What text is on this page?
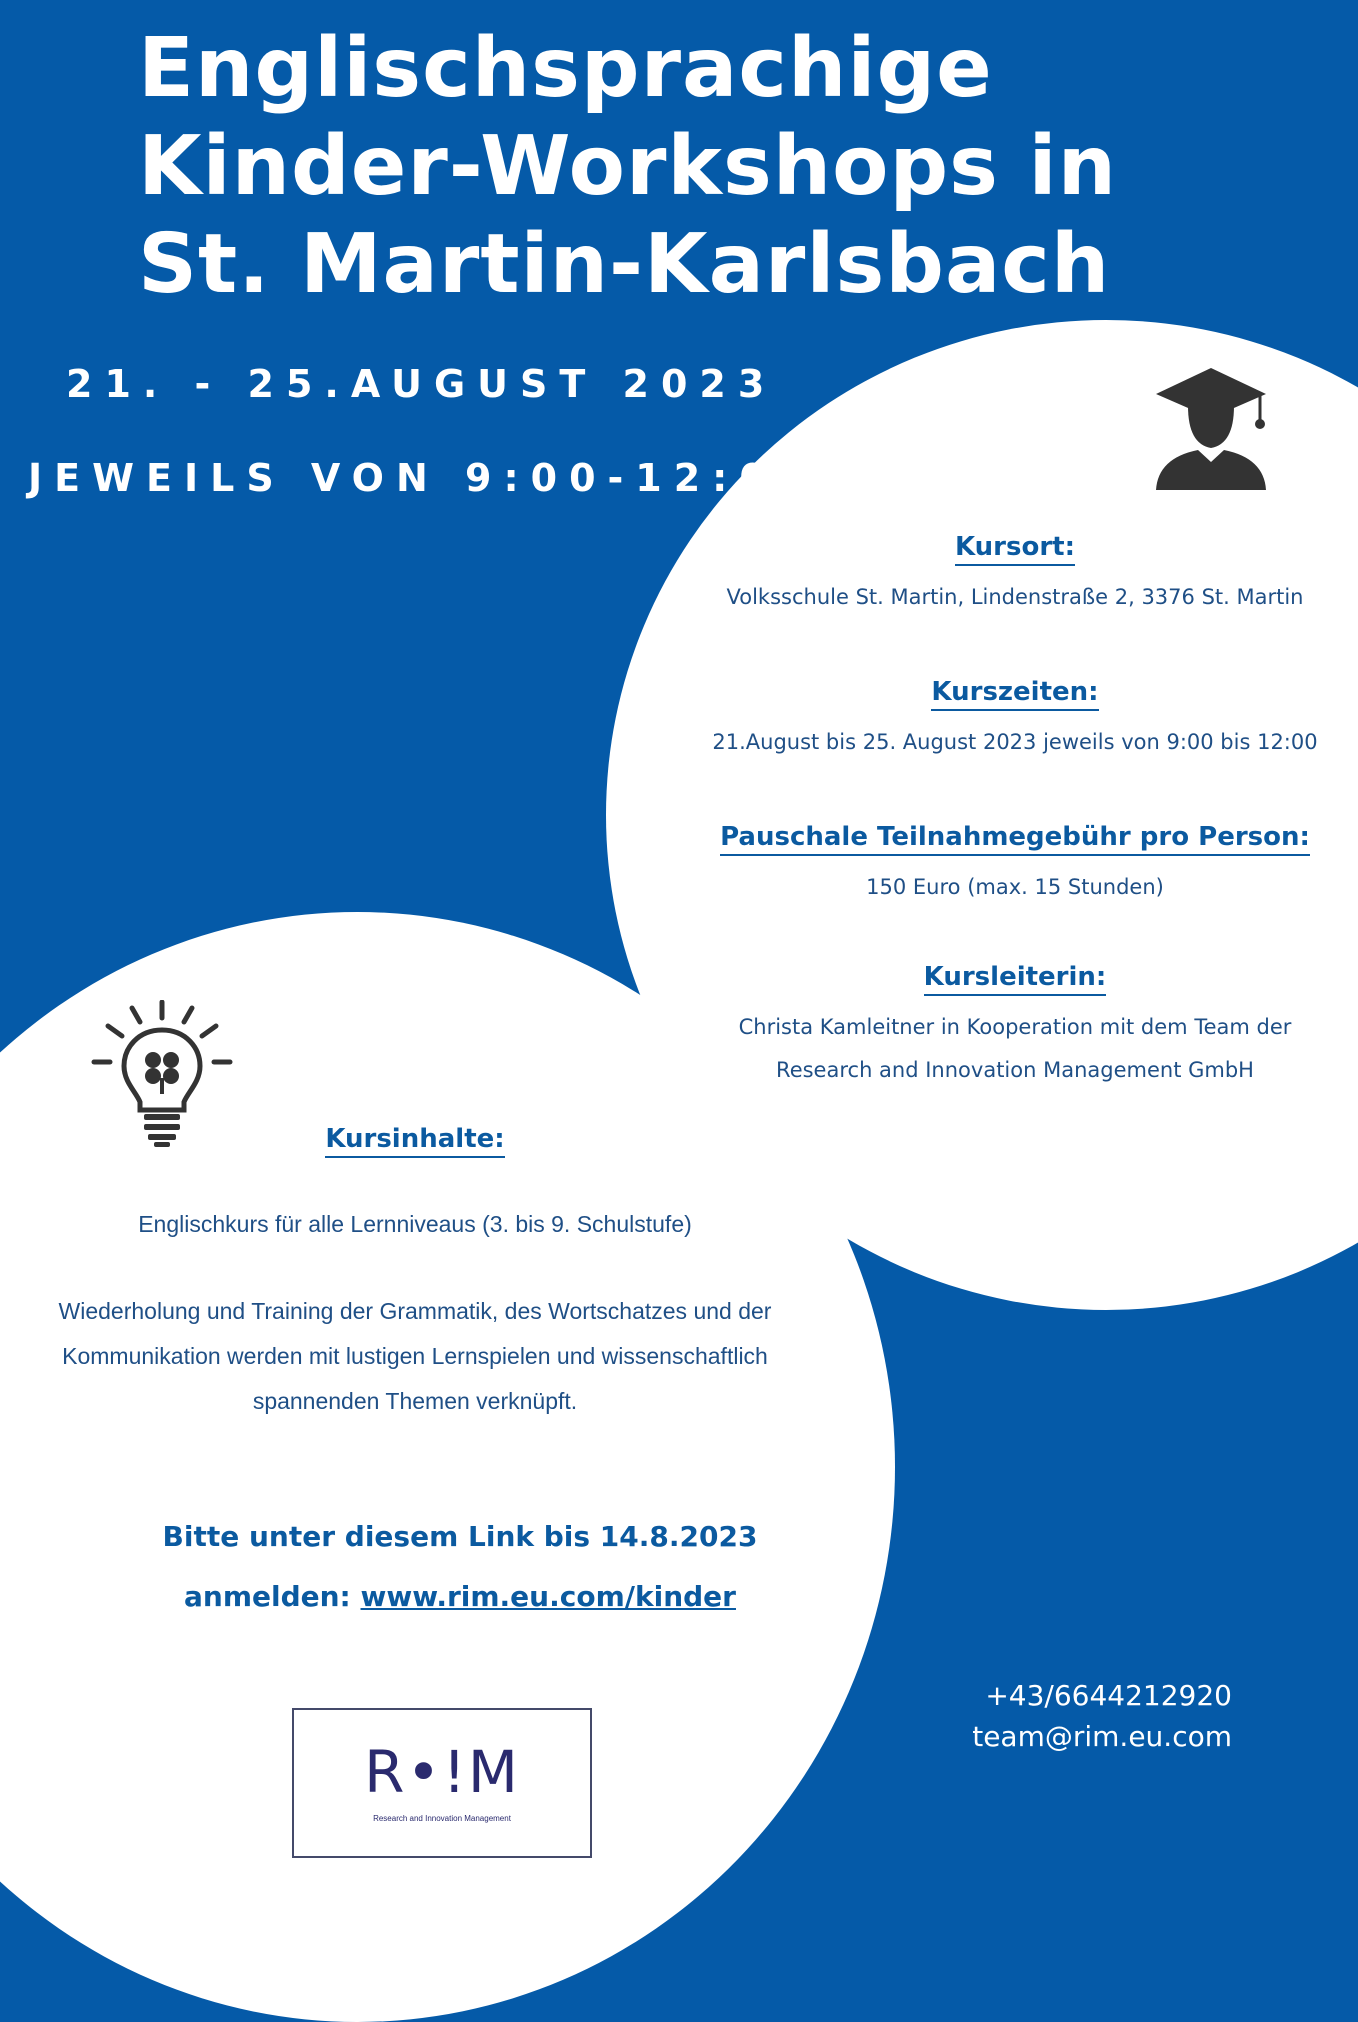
Englischsprachige
Kinder-Workshops in
St. Martin-Karlsbach
21. - 25.AUGUST 2023
JEWEILS VON 9:00-12:00
Kursort:
Volksschule St. Martin, Lindenstraße 2, 3376 St. Martin
Kurszeiten:
21.August bis 25. August 2023 jeweils von 9:00 bis 12:00
Pauschale Teilnahmegebühr pro Person:
150 Euro (max. 15 Stunden)
Kursleiterin:
Christa Kamleitner in Kooperation mit dem Team der
Research and Innovation Management GmbH
Kursinhalte:
Englischkurs für alle Lernniveaus (3. bis 9. Schulstufe)
Wiederholung und Training der Grammatik, des Wortschatzes und der
Kommunikation werden mit lustigen Lernspielen und wissenschaftlich
spannenden Themen verknüpft.
Bitte unter diesem Link bis 14.8.2023
anmelden: www.rim.eu.com/kinder
R•!M
Research and Innovation Management
+43/6644212920
team@rim.eu.com
